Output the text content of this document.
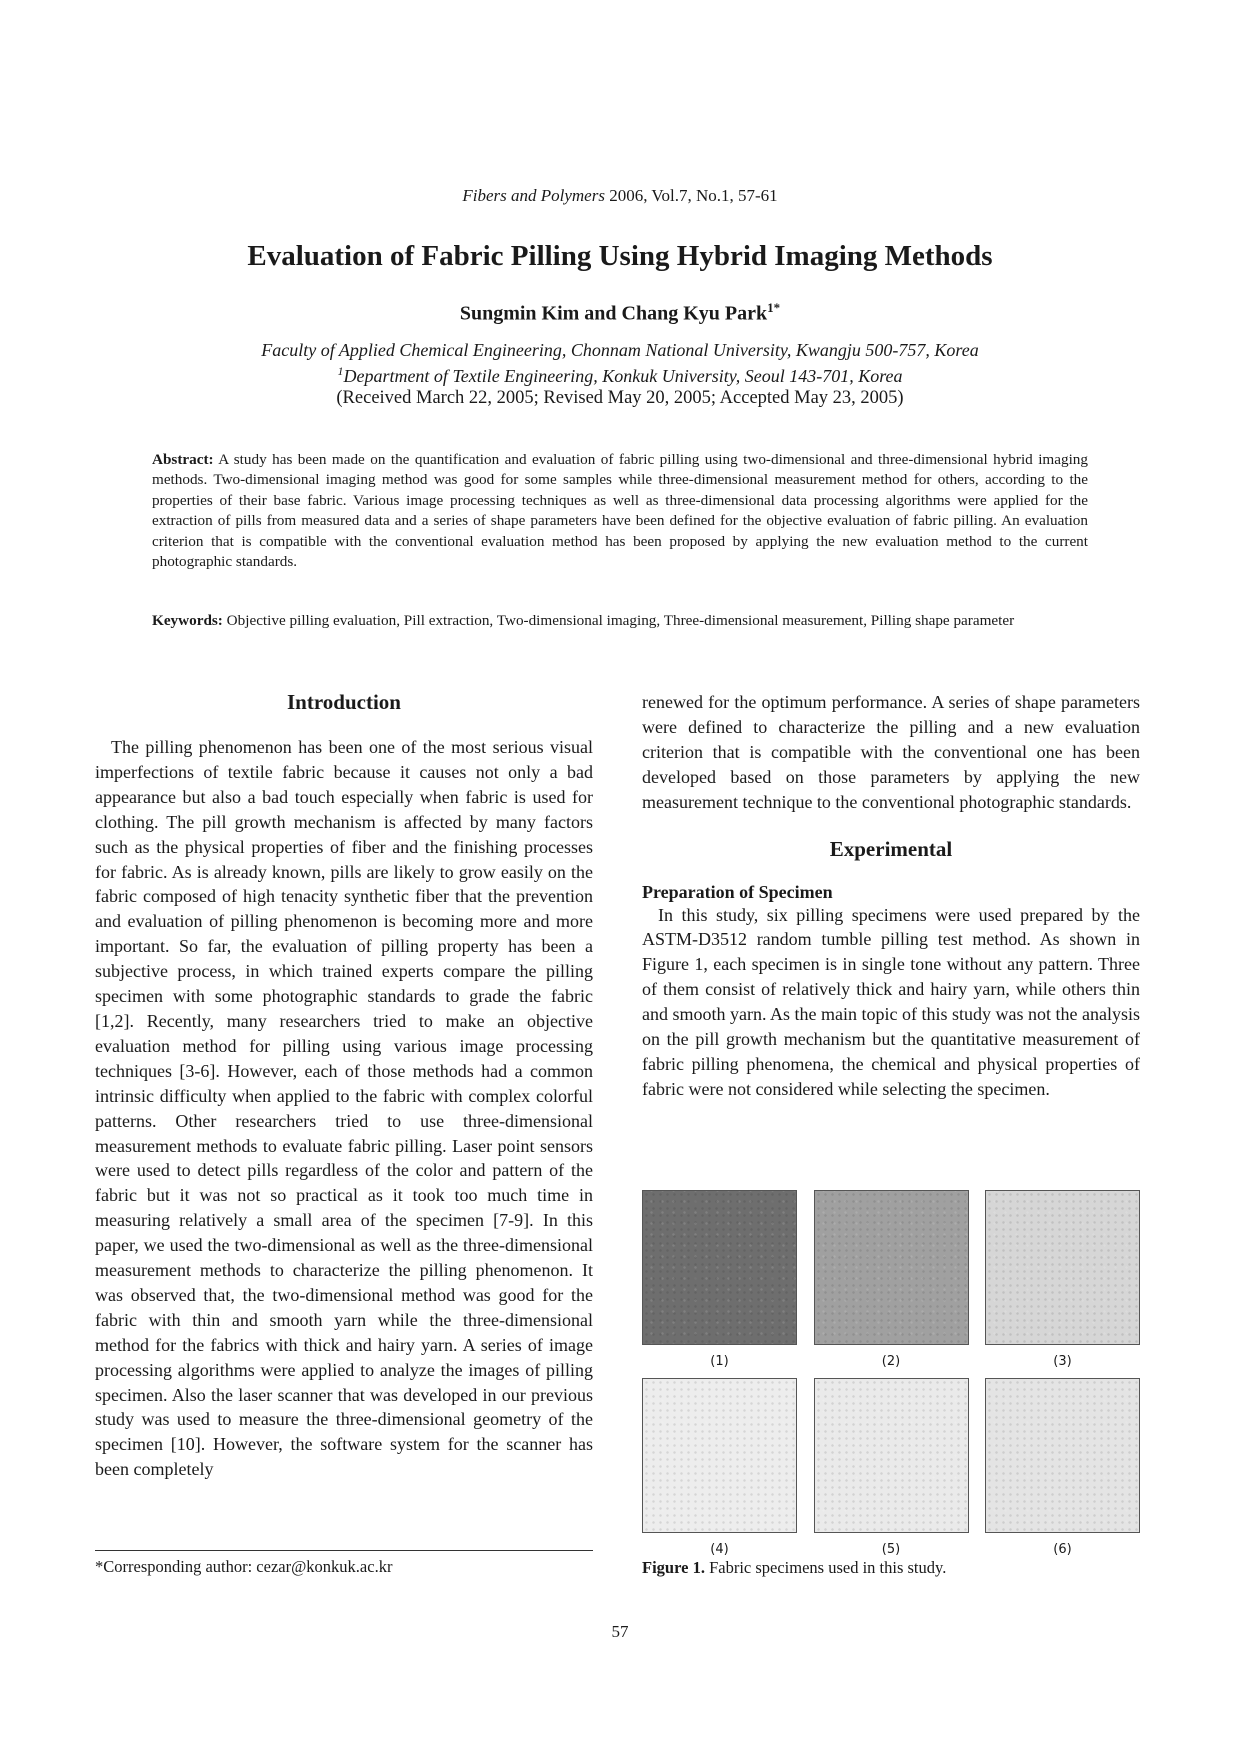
Fibers and Polymers 2006, Vol.7, No.1, 57-61
Evaluation of Fabric Pilling Using Hybrid Imaging Methods
Sungmin Kim and Chang Kyu Park$^{1*}$
Faculty of Applied Chemical Engineering, Chonnam National University, Kwangju 500-757, Korea
$^1$Department of Textile Engineering, Konkuk University, Seoul 143-701, Korea
(Received March 22, 2005; Revised May 20, 2005; Accepted May 23, 2005)
Abstract: A study has been made on the quantification and evaluation of fabric pilling using two-dimensional and three-dimensional hybrid imaging methods. Two-dimensional imaging method was good for some samples while three-dimensional measurement method for others, according to the properties of their base fabric. Various image processing techniques as well as three-dimensional data processing algorithms were applied for the extraction of pills from measured data and a series of shape parameters have been defined for the objective evaluation of fabric pilling. An evaluation criterion that is compatible with the conventional evaluation method has been proposed by applying the new evaluation method to the current photographic standards.
Keywords: Objective pilling evaluation, Pill extraction, Two-dimensional imaging, Three-dimensional measurement, Pilling shape parameter
Introduction

The pilling phenomenon has been one of the most serious visual imperfections of textile fabric because it causes not only a bad appearance but also a bad touch especially when fabric is used for clothing. The pill growth mechanism is affected by many factors such as the physical properties of fiber and the finishing processes for fabric. As is already known, pills are likely to grow easily on the fabric composed of high tenacity synthetic fiber that the prevention and evaluation of pilling phenomenon is becoming more and more important. So far, the evaluation of pilling property has been a subjective process, in which trained experts compare the pilling specimen with some photographic standards to grade the fabric [1,2]. Recently, many researchers tried to make an objective evaluation method for pilling using various image processing techniques [3-6]. However, each of those methods had a common intrinsic difficulty when applied to the fabric with complex colorful patterns. Other researchers tried to use three-dimensional measurement methods to evaluate fabric pilling. Laser point sensors were used to detect pills regardless of the color and pattern of the fabric but it was not so practical as it took too much time in measuring relatively a small area of the specimen [7-9]. In this paper, we used the two-dimensional as well as the three-dimensional measurement methods to characterize the pilling phenomenon. It was observed that, the two-dimensional method was good for the fabric with thin and smooth yarn while the three-dimensional method for the fabrics with thick and hairy yarn. A series of image processing algorithms were applied to analyze the images of pilling specimen. Also the laser scanner that was developed in our previous study was used to measure the three-dimensional geometry of the specimen [10]. However, the software system for the scanner has been completely

renewed for the optimum performance. A series of shape parameters were defined to characterize the pilling and a new evaluation criterion that is compatible with the conventional one has been developed based on those parameters by applying the new measurement technique to the conventional photographic standards.

Experimental
Preparation of Specimen

In this study, six pilling specimens were used prepared by the ASTM-D3512 random tumble pilling test method. As shown in Figure 1, each specimen is in single tone without any pattern. Three of them consist of relatively thick and hairy yarn, while others thin and smooth yarn. As the main topic of this study was not the analysis on the pill growth mechanism but the quantitative measurement of fabric pilling phenomena, the chemical and physical properties of fabric were not considered while selecting the specimen.

(1)	(2)	(3)
(4)	(5)	(6)
Figure 1. Fabric specimens used in this study.
*Corresponding author: cezar@konkuk.ac.kr
57
